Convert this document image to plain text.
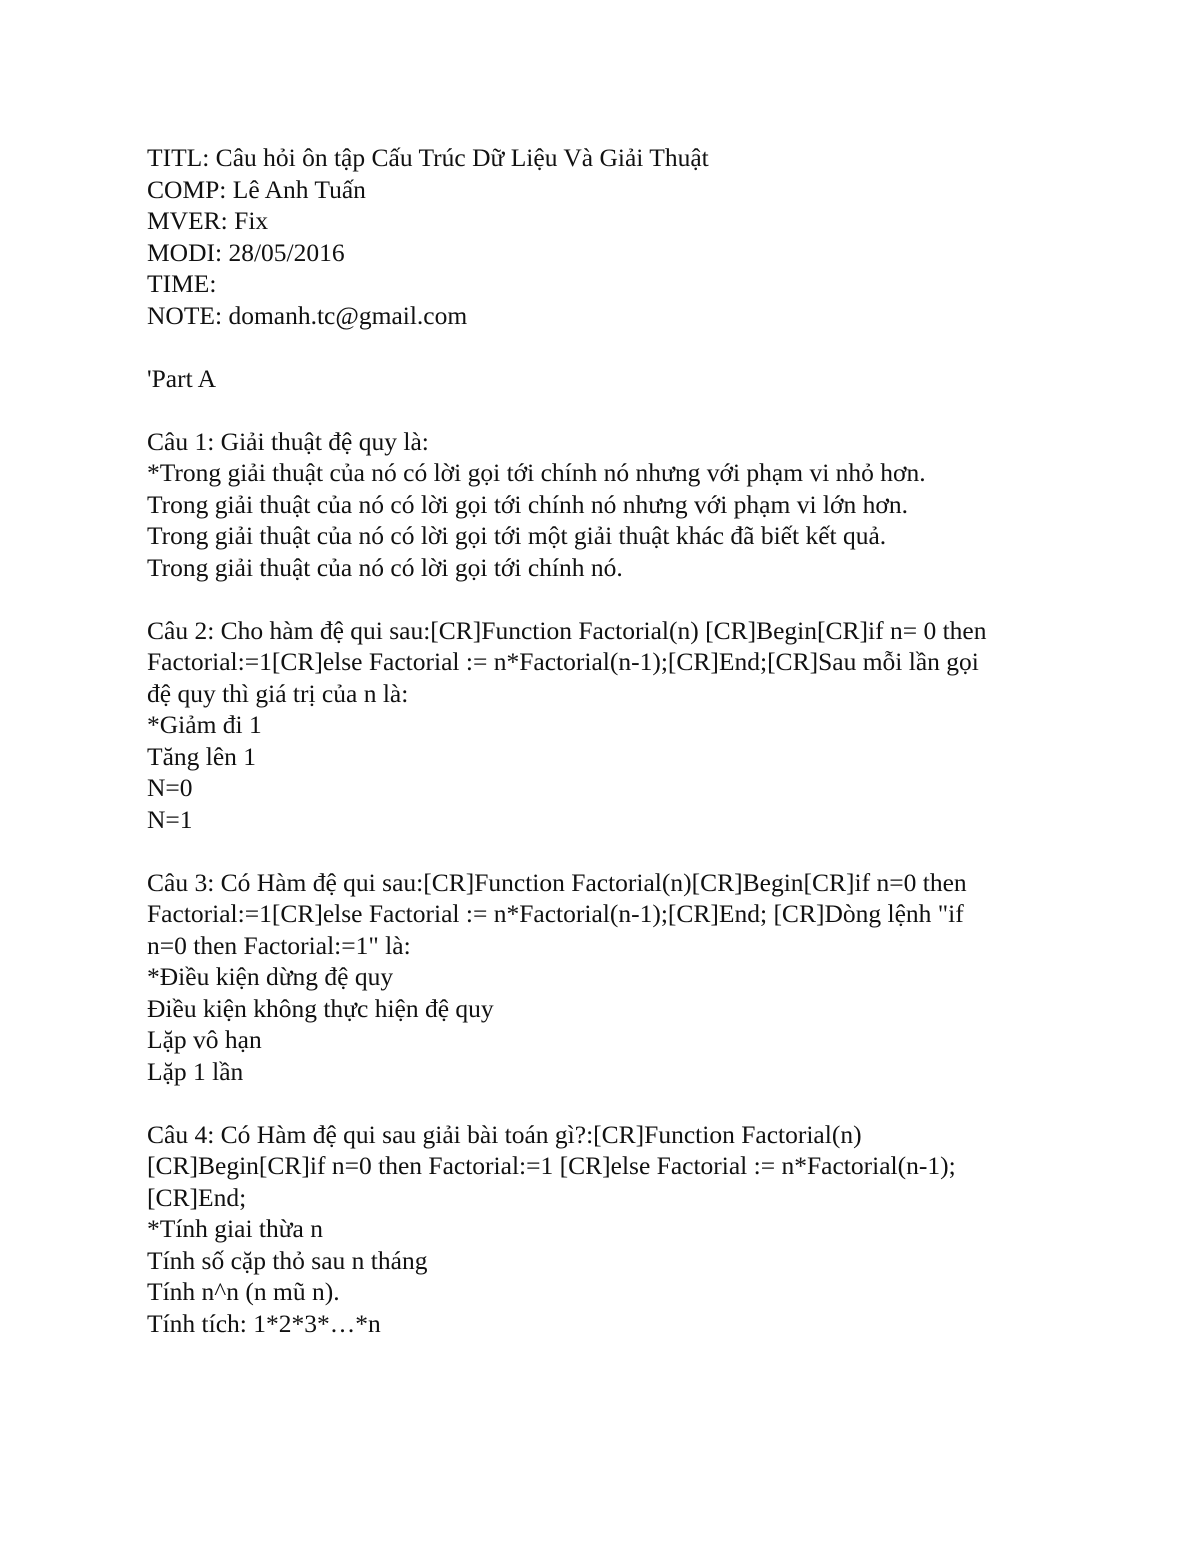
TITL: Câu hỏi ôn tập Cấu Trúc Dữ Liệu Và Giải Thuật
COMP: Lê Anh Tuấn
MVER: Fix
MODI: 28/05/2016
TIME:
NOTE: domanh.tc@gmail.com
'Part A
Câu 1: Giải thuật đệ quy là:
*Trong giải thuật của nó có lời gọi tới chính nó nhưng với phạm vi nhỏ hơn.
Trong giải thuật của nó có lời gọi tới chính nó nhưng với phạm vi lớn hơn.
Trong giải thuật của nó có lời gọi tới một giải thuật khác đã biết kết quả.
Trong giải thuật của nó có lời gọi tới chính nó.
Câu 2: Cho hàm đệ qui sau:[CR]Function Factorial(n) [CR]Begin[CR]if n= 0 then
Factorial:=1[CR]else Factorial := n*Factorial(n-1);[CR]End;[CR]Sau mỗi lần gọi
đệ quy thì giá trị của n là:
*Giảm đi 1
Tăng lên 1
N=0
N=1
Câu 3: Có Hàm đệ qui sau:[CR]Function Factorial(n)[CR]Begin[CR]if n=0 then
Factorial:=1[CR]else Factorial := n*Factorial(n-1);[CR]End; [CR]Dòng lệnh "if
n=0 then Factorial:=1" là:
*Điều kiện dừng đệ quy
Điều kiện không thực hiện đệ quy
Lặp vô hạn
Lặp 1 lần
Câu 4: Có Hàm đệ qui sau giải bài toán gì?:[CR]Function Factorial(n)
[CR]Begin[CR]if n=0 then Factorial:=1 [CR]else Factorial := n*Factorial(n-1);
[CR]End;
*Tính giai thừa n
Tính số cặp thỏ sau n tháng
Tính n^n (n mũ n).
Tính tích: 1*2*3*…*n
